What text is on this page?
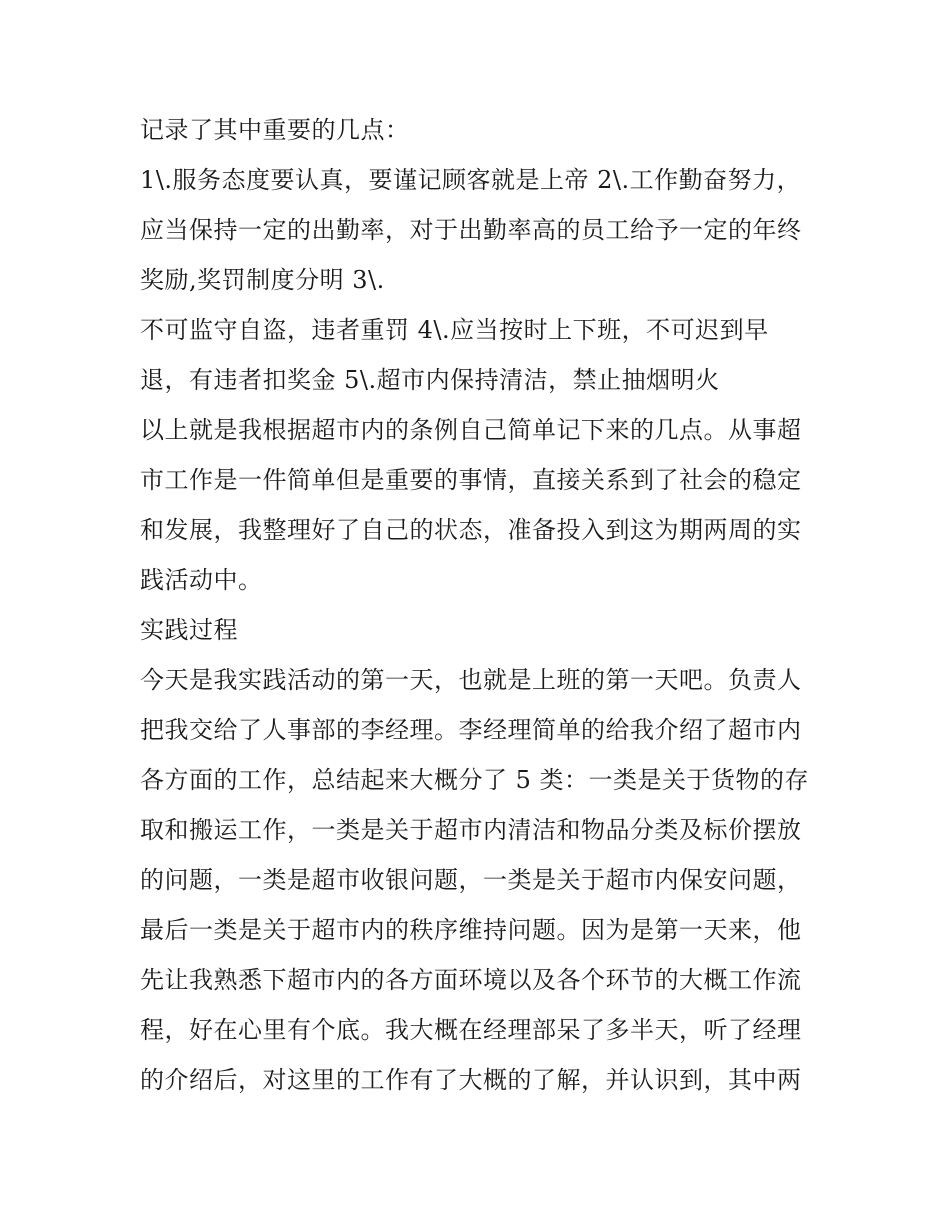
记录了其中重要的几点：
1\.服务态度要认真，要谨记顾客就是上帝 2\.工作勤奋努力，
应当保持一定的出勤率，对于出勤率高的员工给予一定的年终
奖励,奖罚制度分明 3\.
不可监守自盗，违者重罚 4\.应当按时上下班，不可迟到早
退，有违者扣奖金 5\.超市内保持清洁，禁止抽烟明火
以上就是我根据超市内的条例自己简单记下来的几点。从事超
市工作是一件简单但是重要的事情，直接关系到了社会的稳定
和发展，我整理好了自己的状态，准备投入到这为期两周的实
践活动中。
实践过程
今天是我实践活动的第一天，也就是上班的第一天吧。负责人
把我交给了人事部的李经理。李经理简单的给我介绍了超市内
各方面的工作，总结起来大概分了 5 类：一类是关于货物的存
取和搬运工作，一类是关于超市内清洁和物品分类及标价摆放
的问题，一类是超市收银问题，一类是关于超市内保安问题，
最后一类是关于超市内的秩序维持问题。因为是第一天来，他
先让我熟悉下超市内的各方面环境以及各个环节的大概工作流
程，好在心里有个底。我大概在经理部呆了多半天，听了经理
的介绍后，对这里的工作有了大概的了解，并认识到，其中两
